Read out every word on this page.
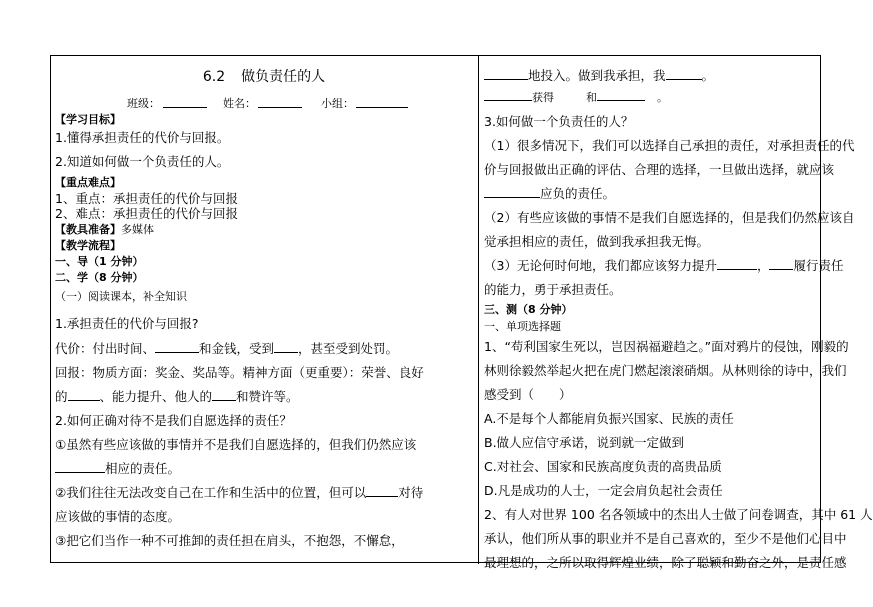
6.2 做负责任的人
班级：	姓名：	小组：
【学习目标】
1.懂得承担责任的代价与回报。
2.知道如何做一个负责任的人。
【重点难点】
1、重点：承担责任的代价与回报
2、难点：承担责任的代价与回报
【教具准备】多媒体
【教学流程】
一、导（1 分钟）
二、学（8 分钟）
（一）阅读课本，补全知识
1.承担责任的代价与回报?
代价：付出时间、	和金钱，受到 ，甚至受到处罚。
回报：物质方面：奖金、奖品等。精神方面（更重要）：荣誉、良好
的	、能力提升、他人的 和赞许等。
2.如何正确对待不是我们自愿选择的责任？
①虽然有些应该做的事情并不是我们自愿选择的，但我们仍然应该
相应的责任。
②我们往往无法改变自己在工作和生活中的位置，但可以	对待
应该做的事情的态度。
③把它们当作一种不可推卸的责任担在肩头，不抱怨，不懈怠，
地投入。做到我承担，我	。
获得	和	。
3.如何做一个负责任的人？
（1）很多情况下，我们可以选择自己承担的责任，对承担责任的代
价与回报做出正确的评估、合理的选择，一旦做出选择，就应该
应负的责任。
（2）有些应该做的事情不是我们自愿选择的，但是我们仍然应该自
觉承担相应的责任，做到我承担我无悔。
（3）无论何时何地，我们都应该努力提升	， 履行责任
的能力，勇于承担责任。
三、测（8 分钟）
一、单项选择题
1、“苟利国家生死以，岂因祸福避趋之。”面对鸦片的侵蚀，刚毅的
林则徐毅然举起火把在虎门燃起滚滚硝烟。从林则徐的诗中，我们
感受到（　　）
A.不是每个人都能肩负振兴国家、民族的责任
B.做人应信守承诺，说到就一定做到
C.对社会、国家和民族高度负责的高贵品质
D.凡是成功的人士，一定会肩负起社会责任
2、有人对世界 100 名各领域中的杰出人士做了问卷调查，其中 61 人
承认，他们所从事的职业并不是自己喜欢的，至少不是他们心目中
最理想的，之所以取得辉煌业绩，除了聪颖和勤奋之外，是责任感
